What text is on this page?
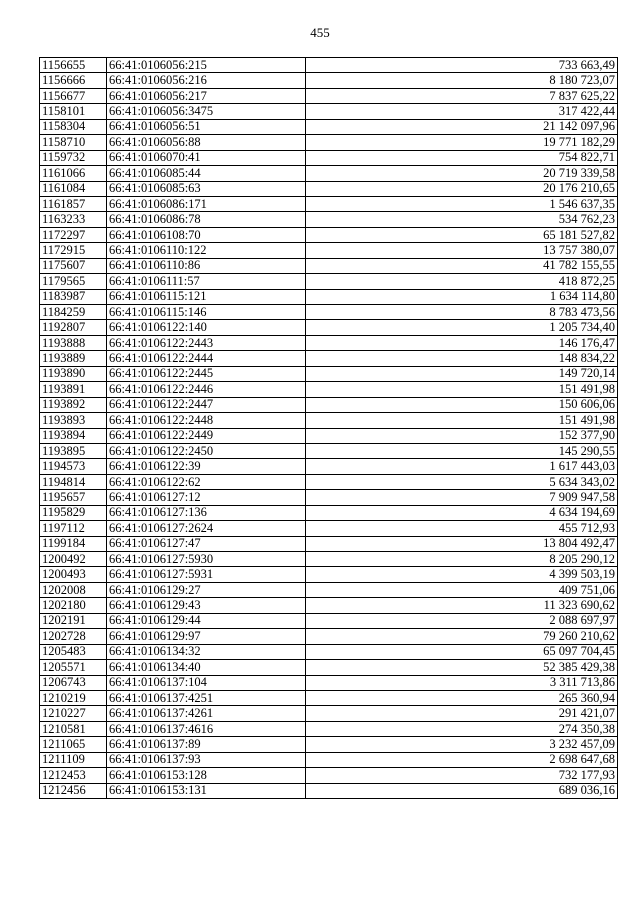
455
1156655	66:41:0106056:215	733 663,49
1156666	66:41:0106056:216	8 180 723,07
1156677	66:41:0106056:217	7 837 625,22
1158101	66:41:0106056:3475	317 422,44
1158304	66:41:0106056:51	21 142 097,96
1158710	66:41:0106056:88	19 771 182,29
1159732	66:41:0106070:41	754 822,71
1161066	66:41:0106085:44	20 719 339,58
1161084	66:41:0106085:63	20 176 210,65
1161857	66:41:0106086:171	1 546 637,35
1163233	66:41:0106086:78	534 762,23
1172297	66:41:0106108:70	65 181 527,82
1172915	66:41:0106110:122	13 757 380,07
1175607	66:41:0106110:86	41 782 155,55
1179565	66:41:0106111:57	418 872,25
1183987	66:41:0106115:121	1 634 114,80
1184259	66:41:0106115:146	8 783 473,56
1192807	66:41:0106122:140	1 205 734,40
1193888	66:41:0106122:2443	146 176,47
1193889	66:41:0106122:2444	148 834,22
1193890	66:41:0106122:2445	149 720,14
1193891	66:41:0106122:2446	151 491,98
1193892	66:41:0106122:2447	150 606,06
1193893	66:41:0106122:2448	151 491,98
1193894	66:41:0106122:2449	152 377,90
1193895	66:41:0106122:2450	145 290,55
1194573	66:41:0106122:39	1 617 443,03
1194814	66:41:0106122:62	5 634 343,02
1195657	66:41:0106127:12	7 909 947,58
1195829	66:41:0106127:136	4 634 194,69
1197112	66:41:0106127:2624	455 712,93
1199184	66:41:0106127:47	13 804 492,47
1200492	66:41:0106127:5930	8 205 290,12
1200493	66:41:0106127:5931	4 399 503,19
1202008	66:41:0106129:27	409 751,06
1202180	66:41:0106129:43	11 323 690,62
1202191	66:41:0106129:44	2 088 697,97
1202728	66:41:0106129:97	79 260 210,62
1205483	66:41:0106134:32	65 097 704,45
1205571	66:41:0106134:40	52 385 429,38
1206743	66:41:0106137:104	3 311 713,86
1210219	66:41:0106137:4251	265 360,94
1210227	66:41:0106137:4261	291 421,07
1210581	66:41:0106137:4616	274 350,38
1211065	66:41:0106137:89	3 232 457,09
1211109	66:41:0106137:93	2 698 647,68
1212453	66:41:0106153:128	732 177,93
1212456	66:41:0106153:131	689 036,16
